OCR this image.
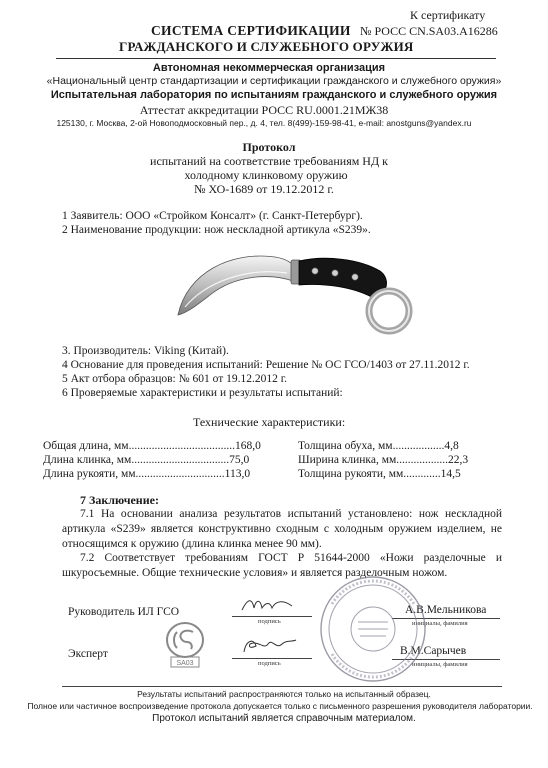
К сертификату
№ РОСС CN.SA03.A16286
СИСТЕМА СЕРТИФИКАЦИИ
ГРАЖДАНСКОГО И СЛУЖЕБНОГО ОРУЖИЯ
Автономная некоммерческая организация
«Национальный центр стандартизации и сертификации гражданского и служебного оружия»
Испытательная лаборатория по испытаниям гражданского и служебного оружия
Аттестат аккредитации РОСС RU.0001.21МЖ38
125130, г. Москва, 2-ой Новоподмосковный пер., д. 4, тел. 8(499)-159-98-41, e-mail: anostguns@yandex.ru
Протокол
испытаний на соответствие требованиям НД к
холодному клинковому оружию
№ ХО-1689 от 19.12.2012 г.
1 Заявитель: ООО «Стройком Консалт» (г. Санкт-Петербург).
2 Наименование продукции: нож нескладной артикула «S239».
3. Производитель: Viking (Китай).
4 Основание для проведения испытаний: Решение № ОС ГСО/1403 от 27.11.2012 г.
5 Акт отбора образцов: № 601 от 19.12.2012 г.
6 Проверяемые характеристики и результаты испытаний:
Технические характеристики:
Общая длина, мм.....................................168,0
Длина клинка, мм..................................75,0
Длина рукояти, мм...............................113,0
Толщина обуха, мм..................4,8
Ширина клинка, мм..................22,3
Толщина рукояти, мм.............14,5
7 Заключение:
7.1 На основании анализа результатов испытаний установлено: нож нескладной артикула «S239» является конструктивно сходным с холодным оружием изделием, не относящимся к оружию (длина клинка менее 90 мм).
7.2 Соответствует требованиям ГОСТ Р 51644-2000 «Ножи разделочные и шкуросъемные. Общие технические условия» и является разделочным ножом.
Руководитель ИЛ ГСО
подпись
А.В.Мельникова
инициалы, фамилия
Эксперт
подпись
В.М.Сарычев
инициалы, фамилия
SA03
Результаты испытаний распространяются только на испытанный образец.
Полное или частичное воспроизведение протокола допускается только с письменного разрешения руководителя лаборатории.
Протокол испытаний является справочным материалом.
